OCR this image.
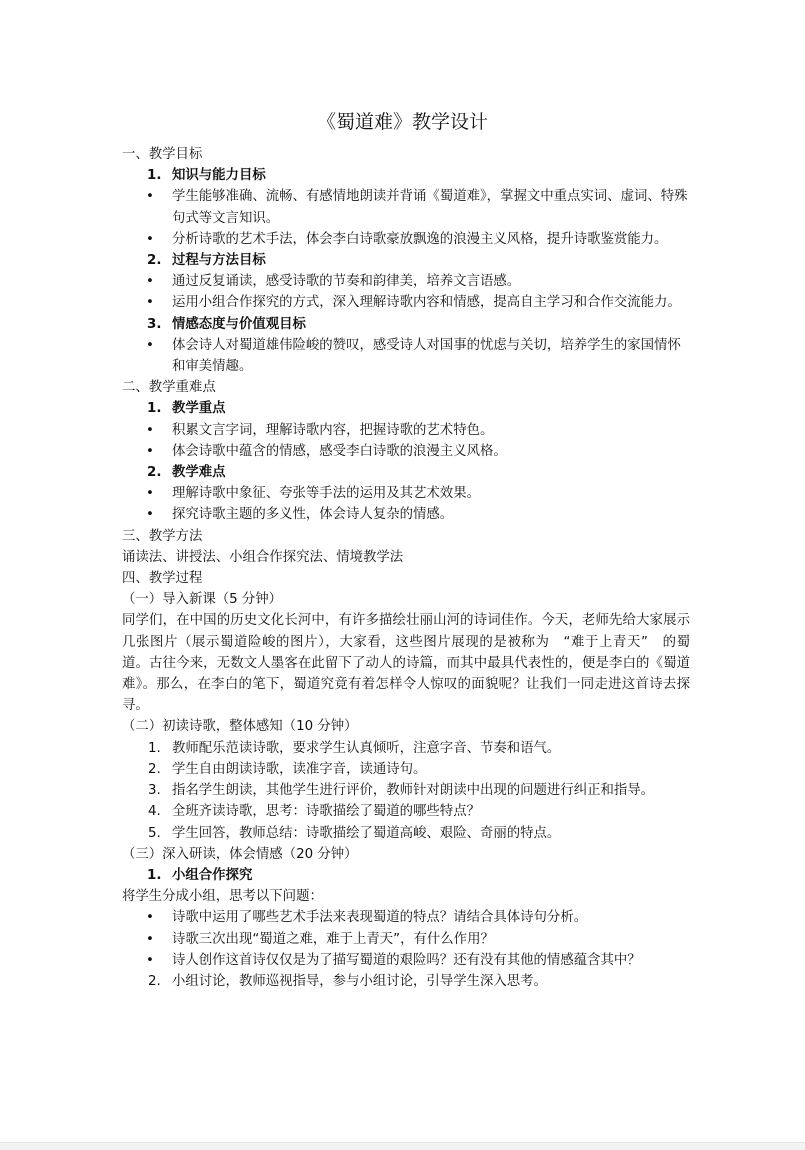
《蜀道难》教学设计
一、教学目标
1. 知识与能力目标
•	学生能够准确、流畅、有感情地朗读并背诵《蜀道难》，掌握文中重点实词、虚词、特殊句式等文言知识。
•	分析诗歌的艺术手法，体会李白诗歌豪放飘逸的浪漫主义风格，提升诗歌鉴赏能力。
2. 过程与方法目标
•	通过反复诵读，感受诗歌的节奏和韵律美，培养文言语感。
•	运用小组合作探究的方式，深入理解诗歌内容和情感，提高自主学习和合作交流能力。
3. 情感态度与价值观目标
•	体会诗人对蜀道雄伟险峻的赞叹，感受诗人对国事的忧虑与关切，培养学生的家国情怀和审美情趣。
二、教学重难点
1. 教学重点
•	积累文言字词，理解诗歌内容，把握诗歌的艺术特色。
•	体会诗歌中蕴含的情感，感受李白诗歌的浪漫主义风格。
2. 教学难点
•	理解诗歌中象征、夸张等手法的运用及其艺术效果。
•	探究诗歌主题的多义性，体会诗人复杂的情感。
三、教学方法
诵读法、讲授法、小组合作探究法、情境教学法
四、教学过程
（一）导入新课（5 分钟）
同学们，在中国的历史文化长河中，有许多描绘壮丽山河的诗词佳作。今天，老师先给大家展示几张图片（展示蜀道险峻的图片），大家看，这些图片展现的是被称为　“难于上青天”　的蜀道。古往今来，无数文人墨客在此留下了动人的诗篇，而其中最具代表性的，便是李白的《蜀道难》。那么，在李白的笔下，蜀道究竟有着怎样令人惊叹的面貌呢？让我们一同走进这首诗去探寻。
（二）初读诗歌，整体感知（10 分钟）
1. 教师配乐范读诗歌，要求学生认真倾听，注意字音、节奏和语气。
2. 学生自由朗读诗歌，读准字音，读通诗句。
3. 指名学生朗读，其他学生进行评价，教师针对朗读中出现的问题进行纠正和指导。
4. 全班齐读诗歌，思考：诗歌描绘了蜀道的哪些特点？
5. 学生回答，教师总结：诗歌描绘了蜀道高峻、艰险、奇丽的特点。
（三）深入研读，体会情感（20 分钟）
1. 小组合作探究
将学生分成小组，思考以下问题：
•	诗歌中运用了哪些艺术手法来表现蜀道的特点？请结合具体诗句分析。
•	诗歌三次出现“蜀道之难，难于上青天”，有什么作用？
•	诗人创作这首诗仅仅是为了描写蜀道的艰险吗？还有没有其他的情感蕴含其中？
2. 小组讨论，教师巡视指导，参与小组讨论，引导学生深入思考。
